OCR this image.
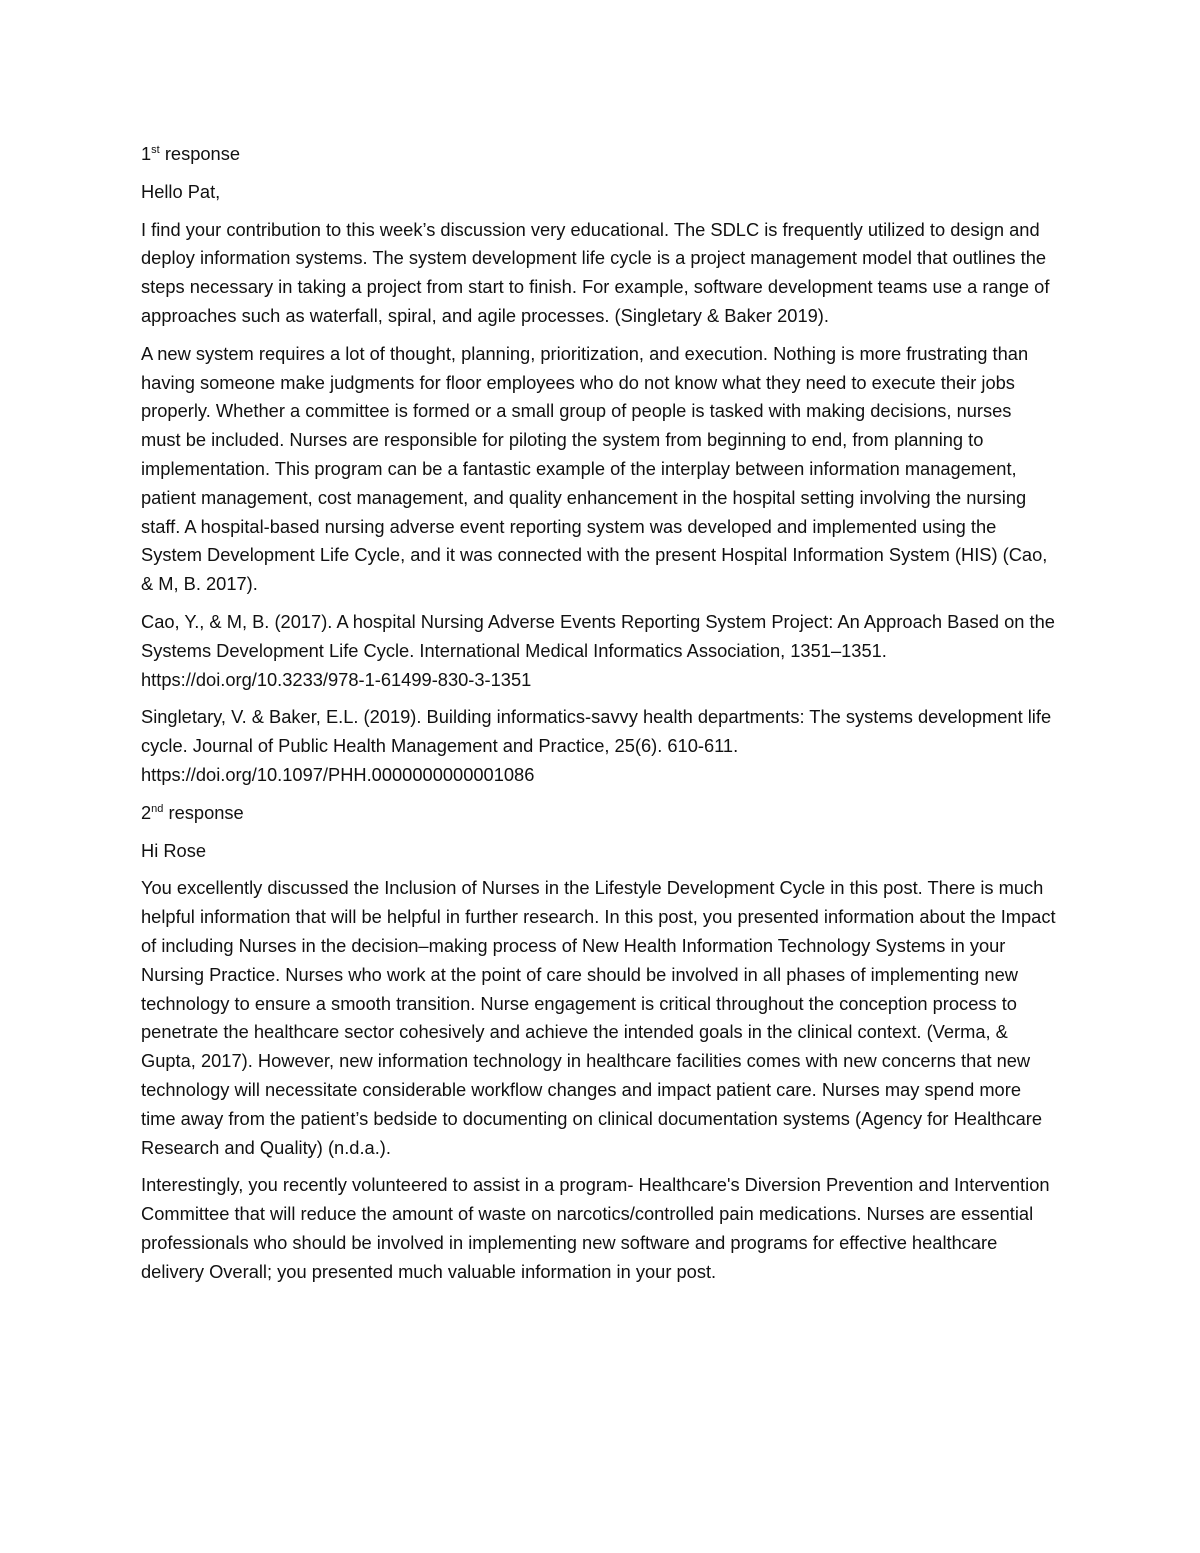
1st response

Hello Pat,

I find your contribution to this week’s discussion very educational. The SDLC is frequently utilized to design and deploy information systems. The system development life cycle is a project management model that outlines the steps necessary in taking a project from start to finish. For example, software development teams use a range of approaches such as waterfall, spiral, and agile processes. (Singletary & Baker 2019).

A new system requires a lot of thought, planning, prioritization, and execution. Nothing is more frustrating than having someone make judgments for floor employees who do not know what they need to execute their jobs properly. Whether a committee is formed or a small group of people is tasked with making decisions, nurses must be included. Nurses are responsible for piloting the system from beginning to end, from planning to implementation. This program can be a fantastic example of the interplay between information management, patient management, cost management, and quality enhancement in the hospital setting involving the nursing staff. A hospital-based nursing adverse event reporting system was developed and implemented using the System Development Life Cycle, and it was connected with the present Hospital Information System (HIS) (Cao, & M, B. 2017).

Cao, Y., & M, B. (2017). A hospital Nursing Adverse Events Reporting System Project: An Approach Based on the Systems Development Life Cycle. International Medical Informatics Association, 1351–1351. https://doi.org/10.3233/978-1-61499-830-3-1351

Singletary, V. & Baker, E.L. (2019). Building informatics-savvy health departments: The systems development life cycle. Journal of Public Health Management and Practice, 25(6). 610-611. https://doi.org/10.1097/PHH.0000000000001086

2nd response

Hi Rose

You excellently discussed the Inclusion of Nurses in the Lifestyle Development Cycle in this post. There is much helpful information that will be helpful in further research. In this post, you presented information about the Impact of including Nurses in the decision–making process of New Health Information Technology Systems in your Nursing Practice. Nurses who work at the point of care should be involved in all phases of implementing new technology to ensure a smooth transition. Nurse engagement is critical throughout the conception process to penetrate the healthcare sector cohesively and achieve the intended goals in the clinical context. (Verma, & Gupta, 2017). However, new information technology in healthcare facilities comes with new concerns that new technology will necessitate considerable workflow changes and impact patient care. Nurses may spend more time away from the patient’s bedside to documenting on clinical documentation systems (Agency for Healthcare Research and Quality) (n.d.a.).

Interestingly, you recently volunteered to assist in a program- Healthcare's Diversion Prevention and Intervention Committee that will reduce the amount of waste on narcotics/controlled pain medications. Nurses are essential professionals who should be involved in implementing new software and programs for effective healthcare delivery Overall; you presented much valuable information in your post.
